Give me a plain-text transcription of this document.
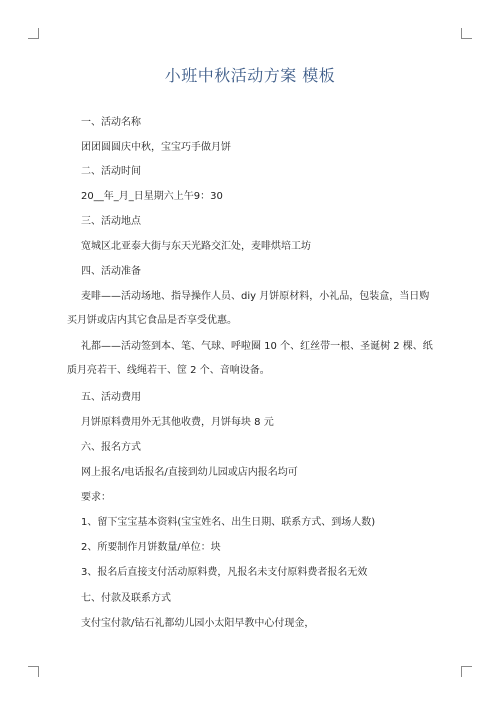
小班中秋活动方案 模板
一、活动名称
团团圆圆庆中秋，宝宝巧手做月饼
二、活动时间
20__年_月_日星期六上午9：30
三、活动地点
宽城区北亚泰大街与东天光路交汇处，麦啡烘培工坊
四、活动准备
麦啡——活动场地、指导操作人员、diy 月饼原材料，小礼品，包装盒，当日购
买月饼或店内其它食品是否享受优惠。
礼都——活动签到本、笔、气球、呼啦圈 10 个、红丝带一根、圣诞树 2 棵、纸
质月亮若干、线绳若干、筐 2 个、音响设备。
五、活动费用
月饼原料费用外无其他收费，月饼每块 8 元
六、报名方式
网上报名/电话报名/直接到幼儿园或店内报名均可
要求：
1、留下宝宝基本资料(宝宝姓名、出生日期、联系方式、到场人数)
2、所要制作月饼数量/单位：块
3、报名后直接支付活动原料费，凡报名未支付原料费者报名无效
七、付款及联系方式
支付宝付款/钻石礼都幼儿园小太阳早教中心付现金，
